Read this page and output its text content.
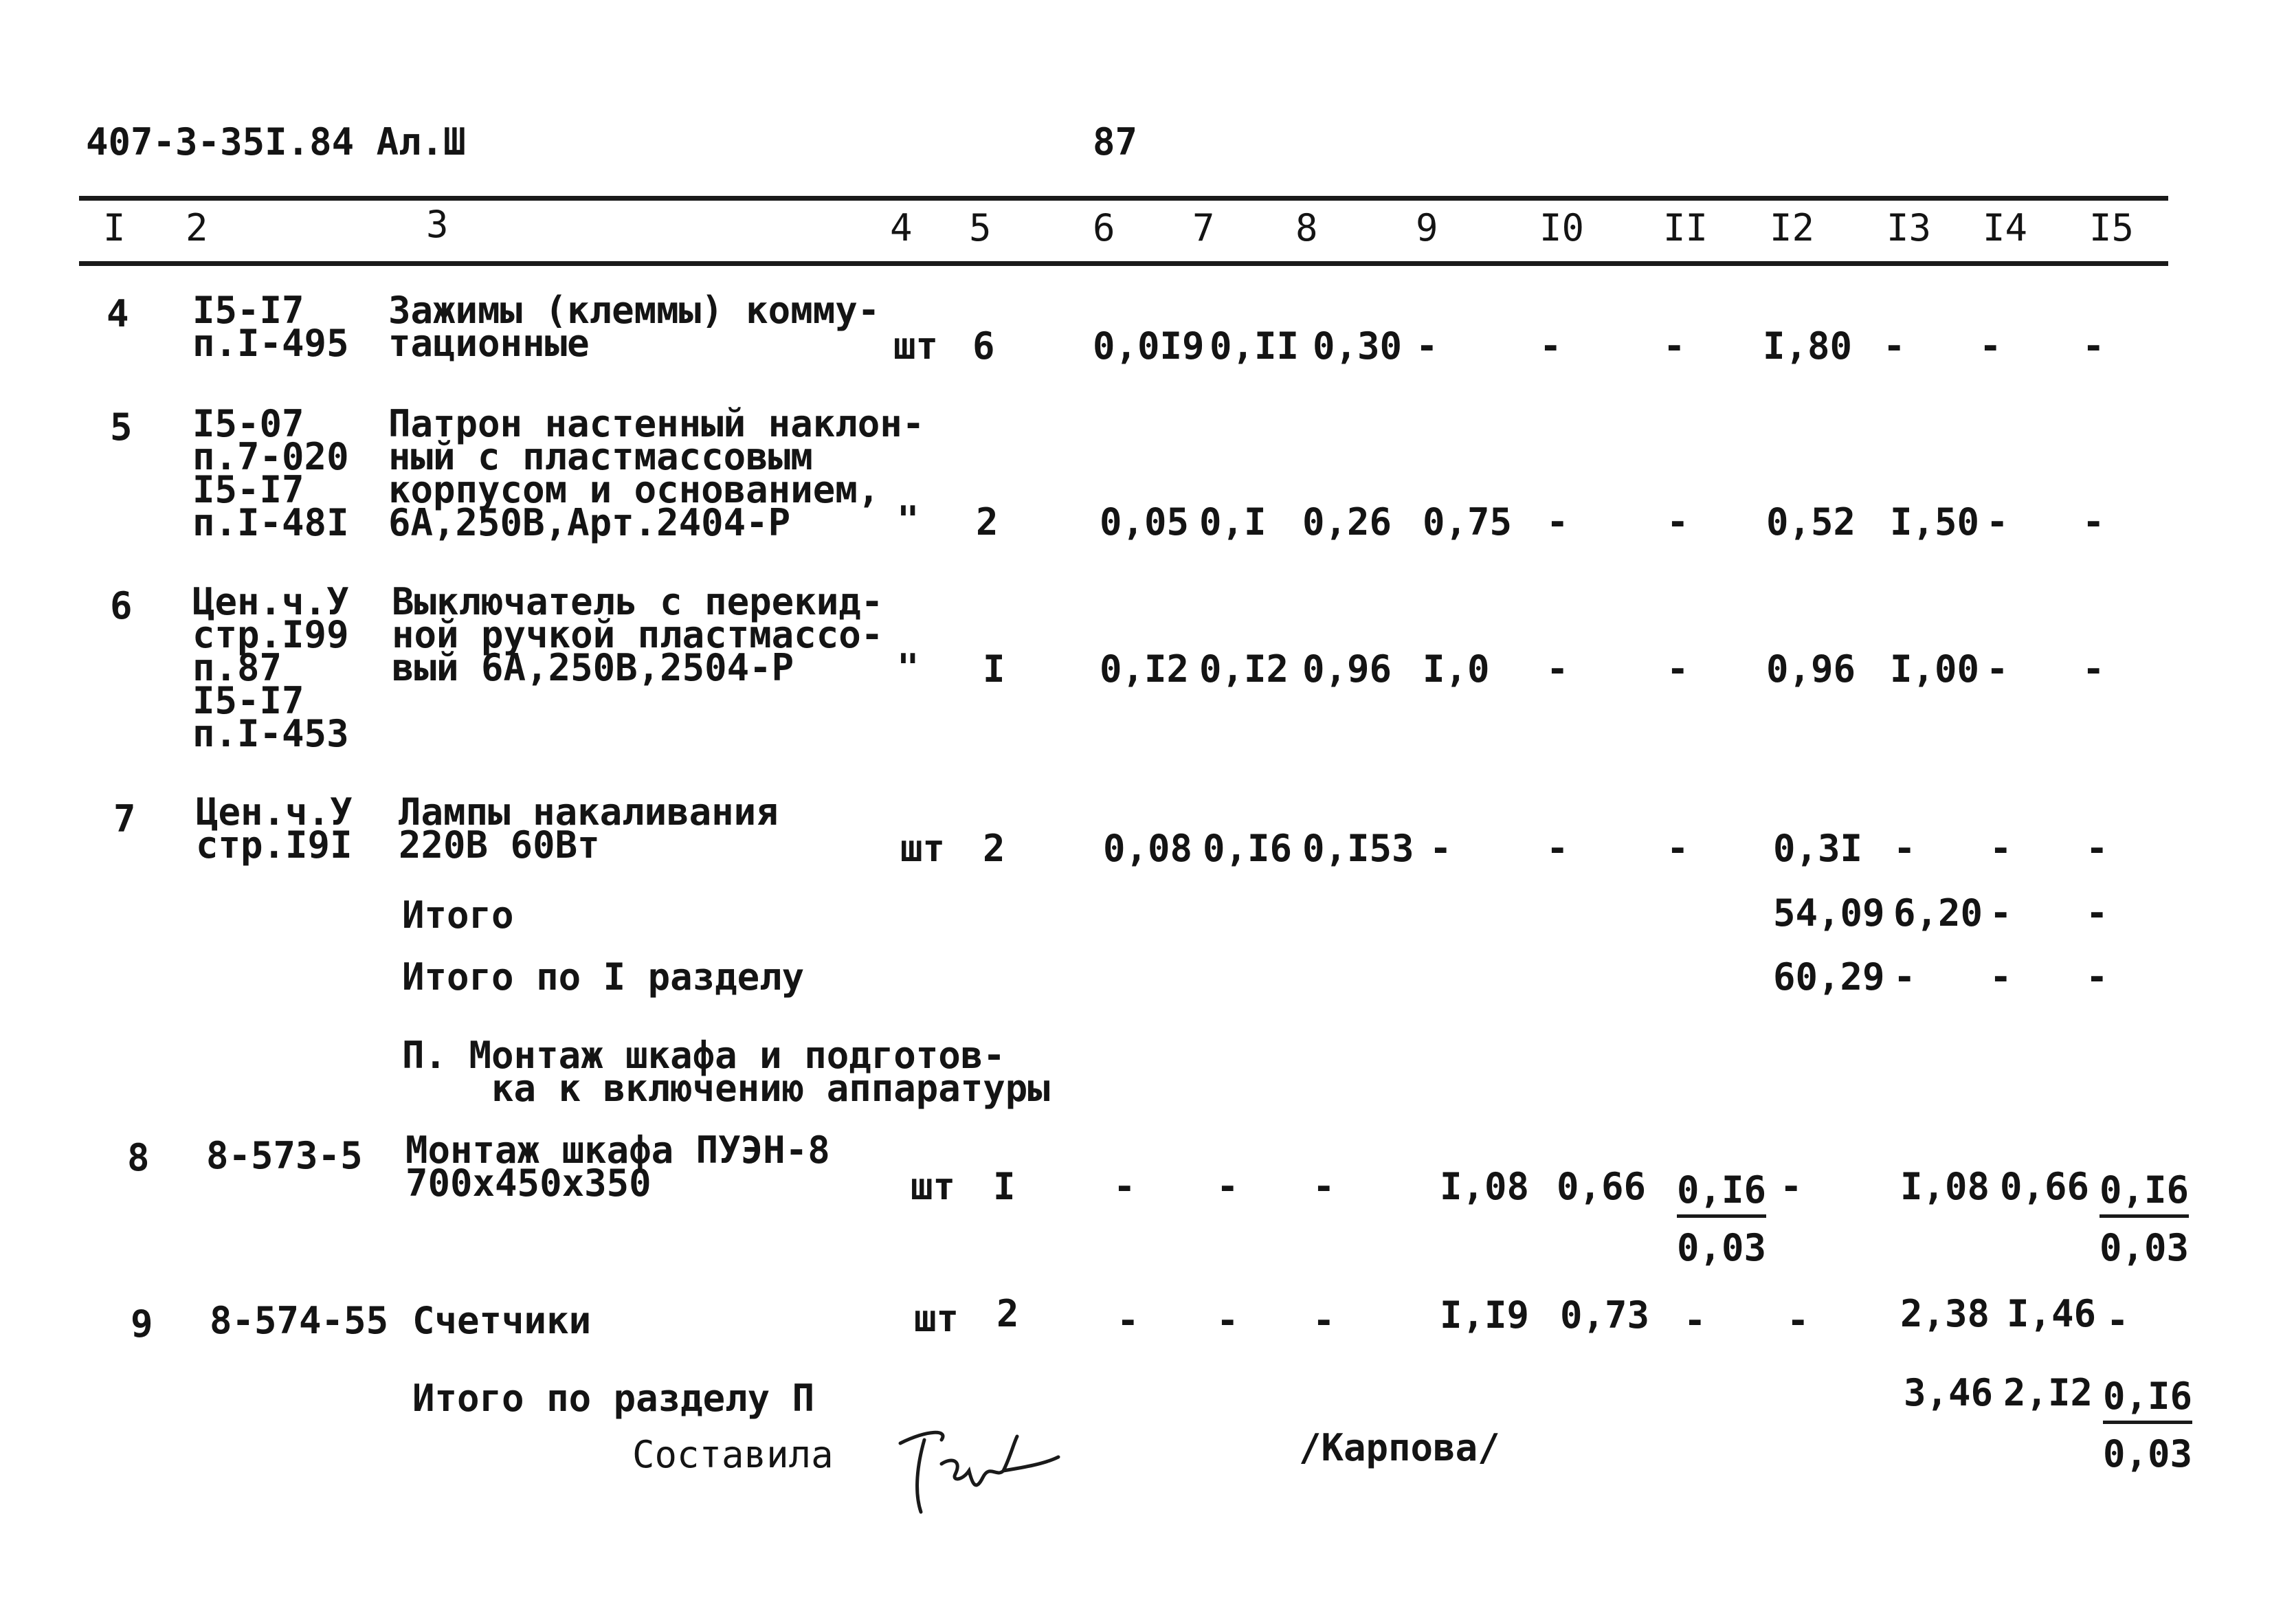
407-3-35I.84 Ал.Ш	87
I 2	3	4 5	6 7 8	9	I0 II I2 I3 I4 I5
4 I5-I7
п.I-495
Зажимы (клеммы) комму-
тационные	шт 6	0,0I9 0,II 0,30 -	-	- I,80 - - -
5 I5-07
п.7-020
I5-I7
п.I-48I
Патрон настенный наклон-
ный с пластмассовым
корпусом и основанием,
6А,250В,Арт.2404-Р	" 2	0,05 0,I 0,26 0,75 -	- 0,52 I,50 - -
6 Цен.ч.У
стр.I99
п.87
I5-I7
п.I-453
Выключатель с перекид-
ной ручкой пластмассо-
вый 6А,250В,2504-Р	" I	0,I2 0,I2 0,96 I,0 -	- 0,96 I,00 - -
7 Цен.ч.У
стр.I9I
Лампы накаливания
220В 60Вт	шт 2	0,08 0,I6 0,I53 -	-	- 0,3I - - -
Итого	54,09 6,20 - -
Итого по I разделу	60,29 - - -
П. Монтаж шкафа и подготов-
ка к включению аппаратуры
8 8-573-5 Монтаж шкафа ПУЭН-8
700х450х350	шт I	- - -	I,08 $0,66 \frac{0,I6}{0,03}$ -	I,08 $0,66 \frac{0,I6}{0,03}$
9 8-574-55 Счетчики	шт 2	- - -	I,I9 0,73 - - 2,38 I,46 -
Итого по разделу П	3,46 $2,I2 \frac{0,I6}{0,03}$
Составила	/Карпова/
